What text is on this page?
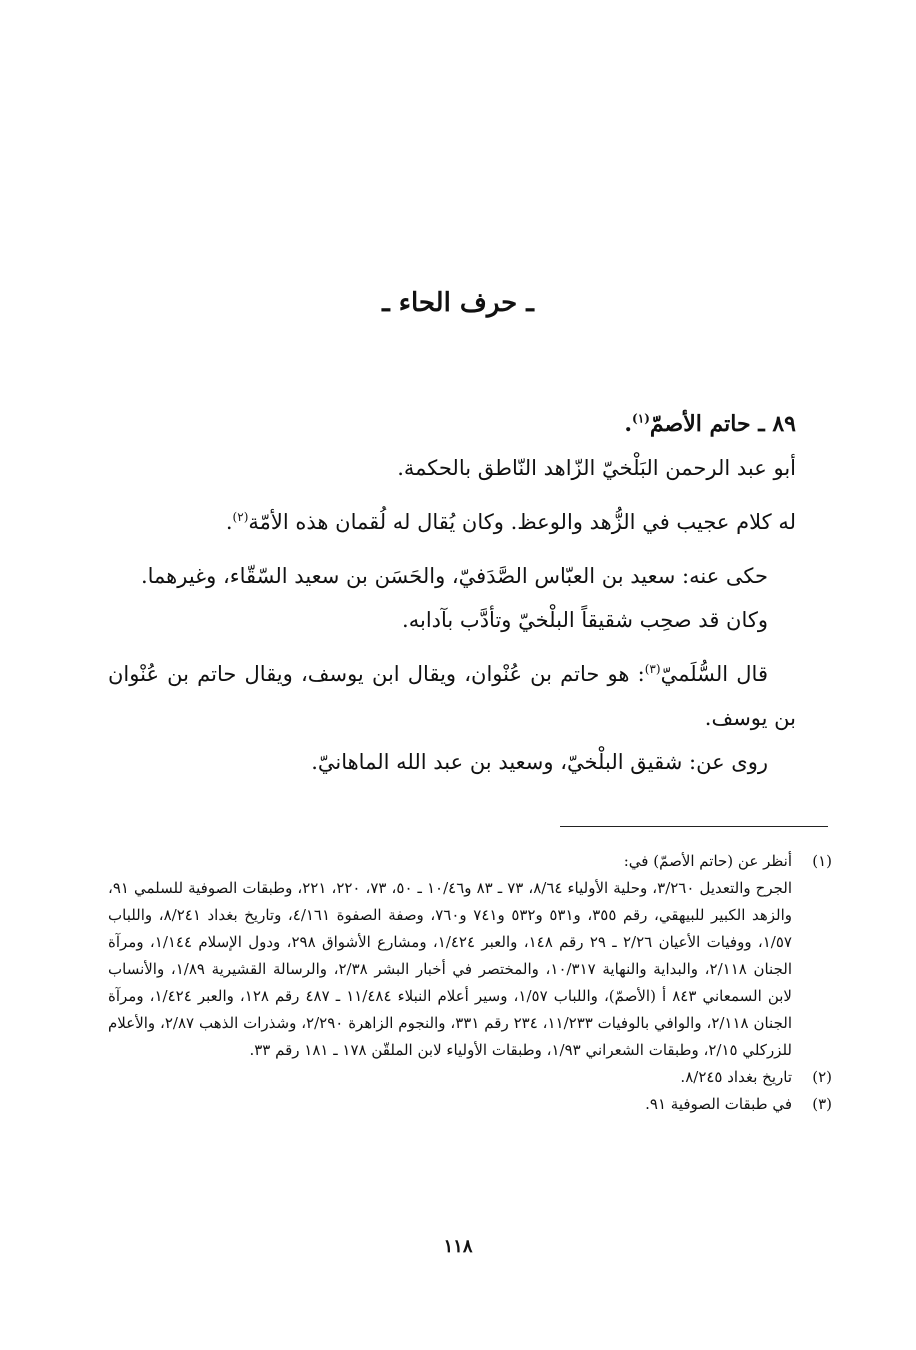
ـ حرف الحاء ـ

٨٩ ـ حاتم الأصمّ$^{(١)}$.

أبو عبد الرحمن البَلْخيّ الزّاهد النّاطق بالحكمة.

له كلام عجيب في الزُّهد والوعظ. وكان يُقال له لُقمان هذه الأمّة$^{(٢)}$.

حكى عنه: سعيد بن العبّاس الصَّدَفيّ، والحَسَن بن سعيد السّقّاء، وغيرهما.

وكان قد صحِب شقيقاً البلْخيّ وتأدَّب بآدابه.

قال السُّلَميّ$^{(٣)}$: هو حاتم بن عُنْوان، ويقال ابن يوسف، ويقال حاتم بن عُنْوان بن يوسف.

روى عن: شقيق البلْخيّ، وسعيد بن عبد الله الماهانيّ.

(١)

أنظر عن (حاتم الأصمّ) في:

الجرح والتعديل ٣/٢٦٠، وحلية الأولياء ٨/٦٤، ٧٣ ـ ٨٣ و١٠/٤٦ ـ ٥٠، ٧٣، ٢٢٠، ٢٢١، وطبقات الصوفية للسلمي ٩١، والزهد الكبير للبيهقي، رقم ٣٥٥، و٥٣١ و٥٣٢ و٧٤١ و٧٦٠، وصفة الصفوة ٤/١٦١، وتاريخ بغداد ٨/٢٤١، واللباب ١/٥٧، ووفيات الأعيان ٢/٢٦ ـ ٢٩ رقم ١٤٨، والعبر ١/٤٢٤، ومشارع الأشواق ٢٩٨، ودول الإسلام ١/١٤٤، ومرآة الجنان ٢/١١٨، والبداية والنهاية ١٠/٣١٧، والمختصر في أخبار البشر ٢/٣٨، والرسالة القشيرية ١/٨٩، والأنساب لابن السمعاني ٨٤٣ أ (الأصمّ)، واللباب ١/٥٧، وسير أعلام النبلاء ١١/٤٨٤ ـ ٤٨٧ رقم ١٢٨، والعبر ١/٤٢٤، ومرآة الجنان ٢/١١٨، والوافي بالوفيات ١١/٢٣٣، ٢٣٤ رقم ٣٣١، والنجوم الزاهرة ٢/٢٩٠، وشذرات الذهب ٢/٨٧، والأعلام للزركلي ٢/١٥، وطبقات الشعراني ١/٩٣، وطبقات الأولياء لابن الملقّن ١٧٨ ـ ١٨١ رقم ٣٣.

(٢)

تاريخ بغداد ٨/٢٤٥.

(٣)

في طبقات الصوفية ٩١.

١١٨
